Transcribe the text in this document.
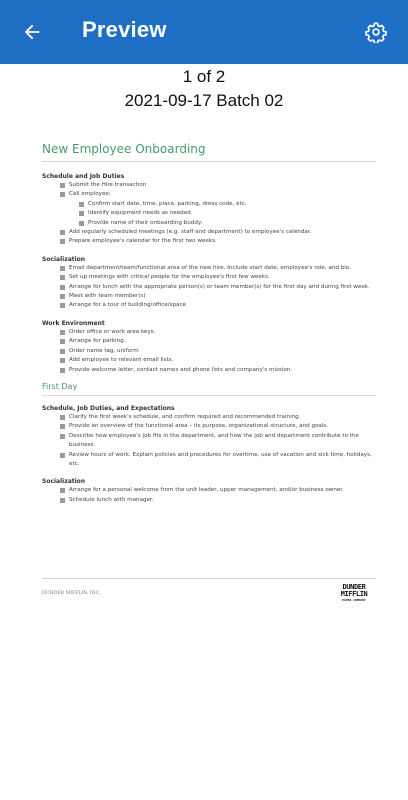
Preview
1 of 2
2021-09-17 Batch 02
New Employee Onboarding
Schedule and Job Duties
Submit the Hire transaction
Call employee:
Confirm start date, time, place, parking, dress code, etc.
Identify equipment needs as needed.
Provide name of their onboarding buddy.
Add regularly scheduled meetings (e.g. staff and department) to employee's calendar.
Prepare employee's calendar for the first two weeks.
Socialization
Email department/team/functional area of the new hire. Include start date, employee's role, and bio.
Set up meetings with critical people for the employee's first few weeks.
Arrange for lunch with the appropriate person(s) or team member(s) for the first day and during first week.
Meet with team member(s)
Arrange for a tour of building/office/space
Work Environment
Order office or work area keys.
Arrange for parking.
Order name tag, uniform
Add employee to relevant email lists.
Provide welcome letter, contact names and phone lists and company's mission.
First Day
Schedule, Job Duties, and Expectations
Clarify the first week's schedule, and confirm required and recommended training.
Provide an overview of the functional area – its purpose, organizational structure, and goals.
Describe how employee's job fits in the department, and how the job and department contribute to the business.
Review hours of work. Explain policies and procedures for overtime, use of vacation and sick time, holidays, etc.
Socialization
Arrange for a personal welcome from the unit leader, upper management, and/or business owner.
Schedule lunch with manager.
DUNDER MIFFLIN, INC.
DUNDER
MIFFLIN
PAPER COMPANY
